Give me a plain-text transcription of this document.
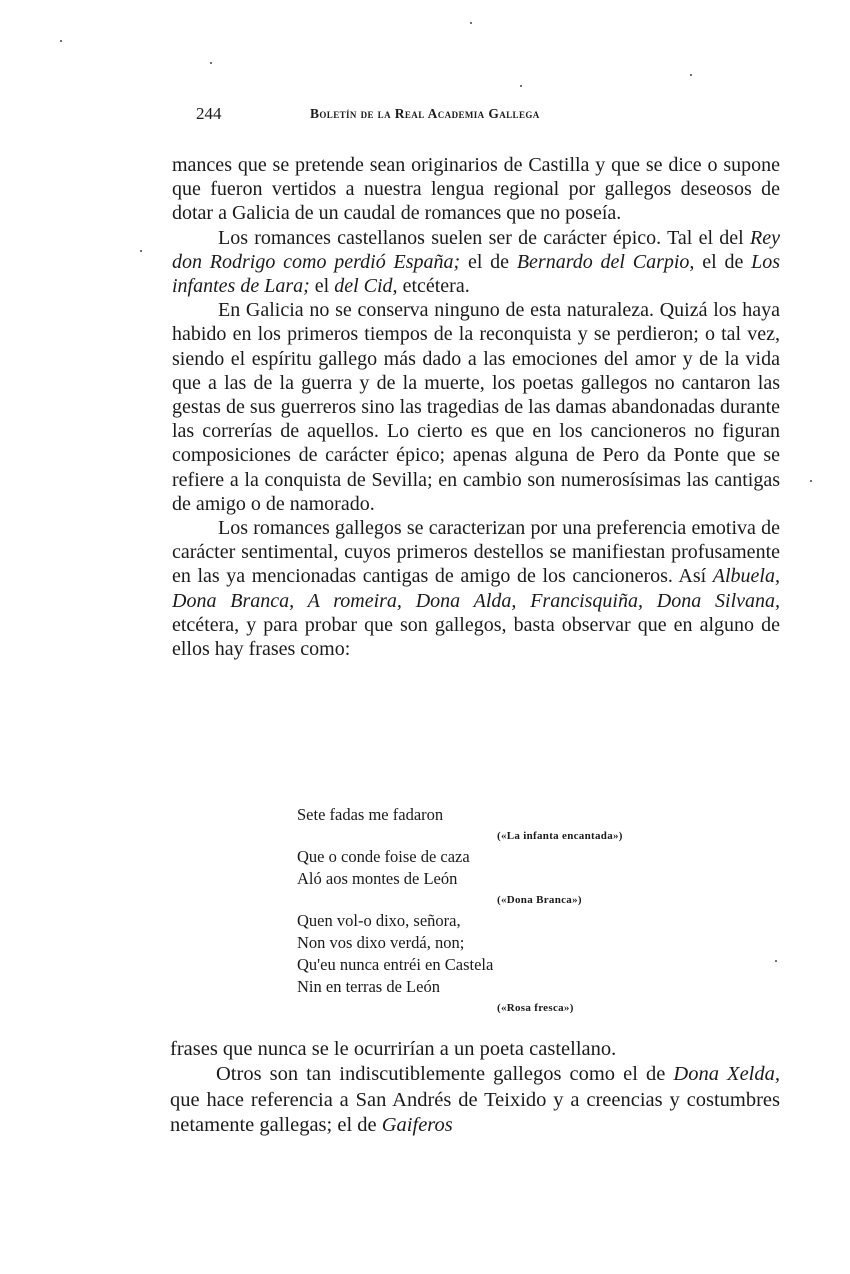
244	Boletín de la Real Academia Gallega

mances que se pretende sean originarios de Castilla y que se dice o supone que fueron vertidos a nuestra lengua regional por gallegos deseosos de dotar a Galicia de un caudal de romances que no poseía.

Los romances castellanos suelen ser de carácter épico. Tal el del Rey don Rodrigo como perdió España; el de Bernardo del Carpio, el de Los infantes de Lara; el del Cid, etcétera.

En Galicia no se conserva ninguno de esta naturaleza. Quizá los haya habido en los primeros tiempos de la reconquista y se perdieron; o tal vez, siendo el espíritu gallego más dado a las emociones del amor y de la vida que a las de la guerra y de la muerte, los poetas gallegos no cantaron las gestas de sus guerreros sino las tragedias de las damas abandonadas durante las correrías de aquellos. Lo cierto es que en los cancioneros no figuran composiciones de carácter épico; apenas alguna de Pero da Ponte que se refiere a la conquista de Sevilla; en cambio son numerosísimas las cantigas de amigo o de namorado.

Los romances gallegos se caracterizan por una preferencia emotiva de carácter sentimental, cuyos primeros destellos se manifiestan profusamente en las ya mencionadas cantigas de amigo de los cancioneros. Así Albuela, Dona Branca, A romeira, Dona Alda, Francisquiña, Dona Silvana, etcétera, y para probar que son gallegos, basta observar que en alguno de ellos hay frases como:

Sete fadas me fadaron
(«La infanta encantada»)
Que o conde foise de caza
Aló aos montes de León
(«Dona Branca»)
Quen vol-o dixo, señora,
Non vos dixo verdá, non;
Qu'eu nunca entréi en Castela
Nin en terras de León
(«Rosa fresca»)

frases que nunca se le ocurrirían a un poeta castellano.

Otros son tan indiscutiblemente gallegos como el de Dona Xelda, que hace referencia a San Andrés de Teixido y a creencias y costumbres netamente gallegas; el de Gaiferos
